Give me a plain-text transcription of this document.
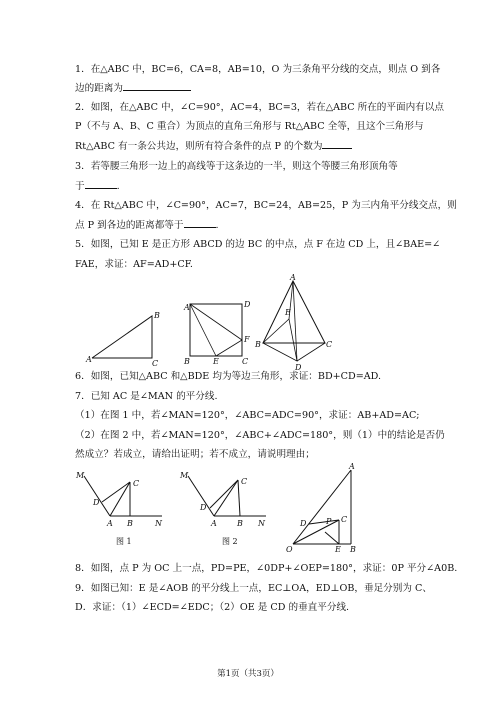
1．在△ABC 中，BC=6，CA=8，AB=10，O 为三条角平分线的交点，则点 O 到各
边的距离为
2．如图，在△ABC 中，∠C=90°，AC=4，BC=3，若在△ABC 所在的平面内有以点
P（不与 A、B、C 重合）为顶点的直角三角形与 Rt△ABC 全等，且这个三角形与
Rt△ABC 有一条公共边，则所有符合条件的点 P 的个数为
3．若等腰三角形一边上的高线等于这条边的一半，则这个等腰三角形顶角等
于	.
4．在 Rt△ABC 中，∠C=90°，AC=7，BC=24，AB=25，P 为三内角平分线交点，则
点 P 到各边的距离都等于	.
5．如图，已知 E 是正方形 ABCD 的边 BC 的中点，点 F 在边 CD 上，且∠BAE=∠
FAE，求证：AF=AD+CF.
A
B
C
A	D
F
B	E	C
A
E
B	C
D
6．如图，已知△ABC 和△BDE 均为等边三角形，求证：BD+CD=AD.
7．已知 AC 是∠MAN 的平分线.
（1）在图 1 中，若∠MAN=120°，∠ABC=ADC=90°，求证：AB+AD=AC;
（2）在图 2 中，若∠MAN=120°，∠ABC+∠ADC=180°，则（1）中的结论是否仍
然成立？若成立，请给出证明；若不成立，请说明理由；
M
D
C
A B	N
图 1
M
C
D
A	B N
图 2
A
D P C
O	E B
8．如图，点 P 为 OC 上一点，PD=PE，∠0DP+∠OEP=180°，求证：0P 平分∠A0B.
9．如图已知：E 是∠AOB 的平分线上一点，EC⊥OA，ED⊥OB，垂足分别为 C、
D．求证：（1）∠ECD=∠EDC；（2）OE 是 CD 的垂直平分线.
第1页（共3页）
